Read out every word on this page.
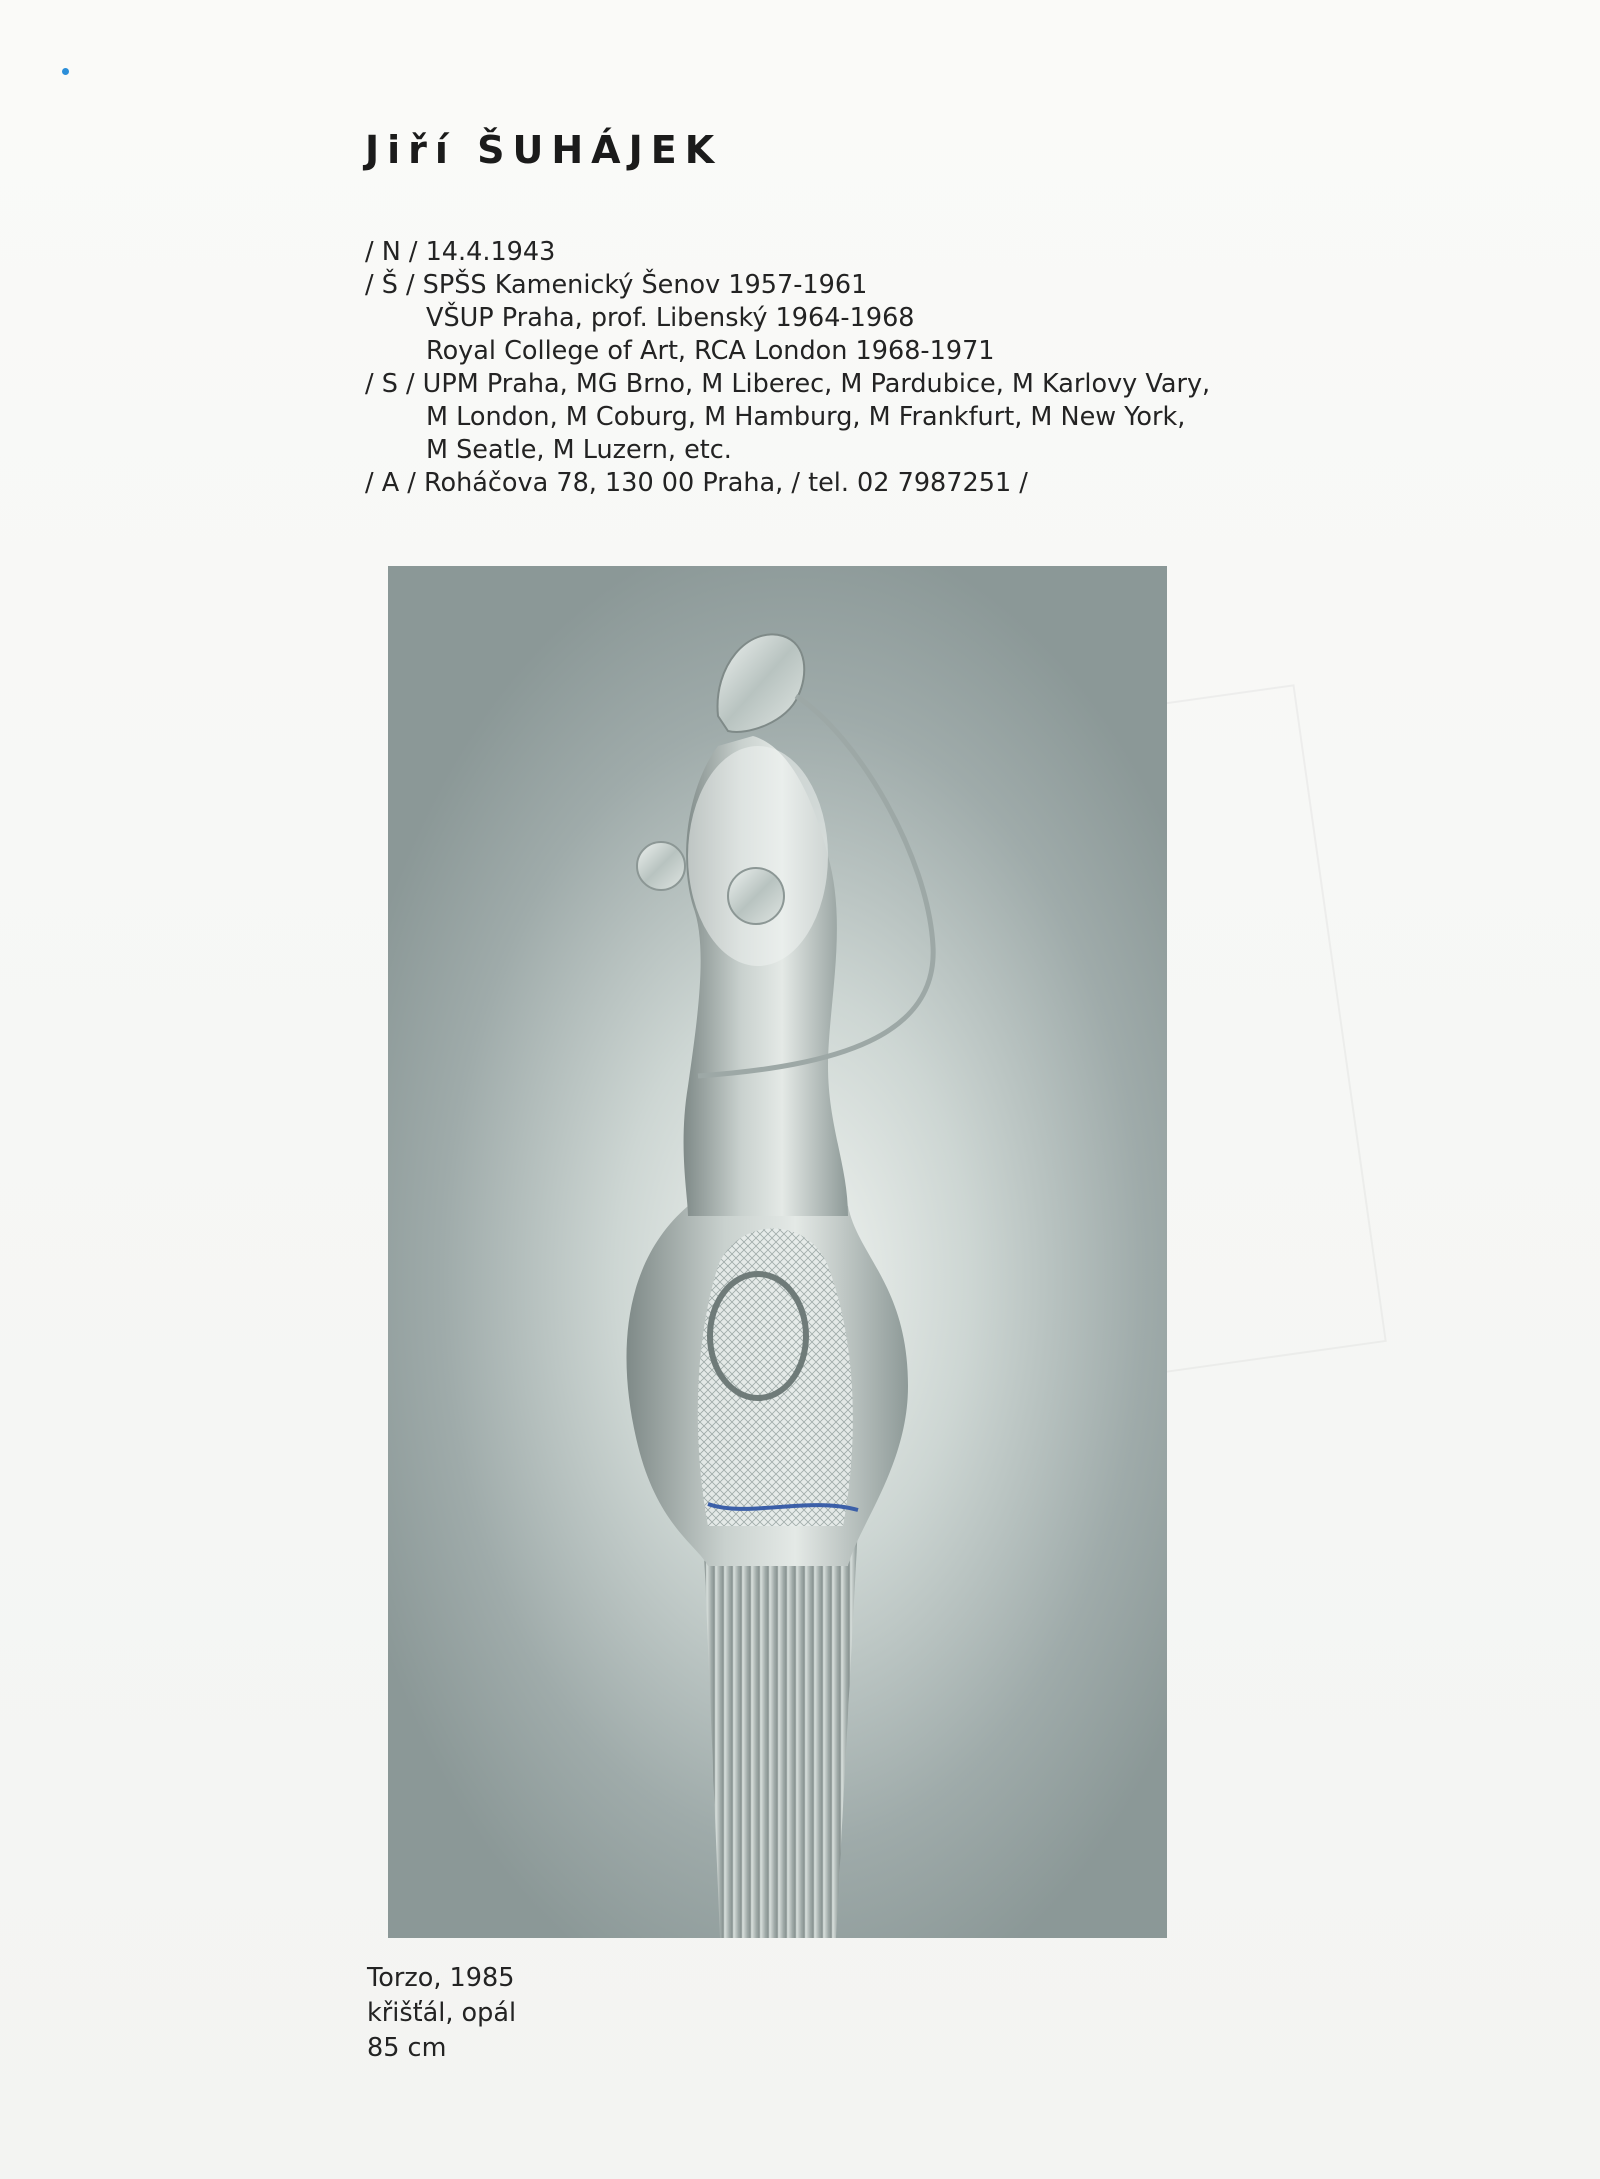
Jiří ŠUHÁJEK
/ N / 14.4.1943
/ Š / SPŠS Kamenický Šenov 1957-1961
VŠUP Praha, prof. Libenský 1964-1968
Royal College of Art, RCA London 1968-1971
/ S / UPM Praha, MG Brno, M Liberec, M Pardubice, M Karlovy Vary,
M London, M Coburg, M Hamburg, M Frankfurt, M New York,
M Seatle, M Luzern, etc.
/ A / Roháčova 78, 130 00 Praha, / tel. 02 7987251 /
Torzo, 1985
křišťál, opál
85 cm
